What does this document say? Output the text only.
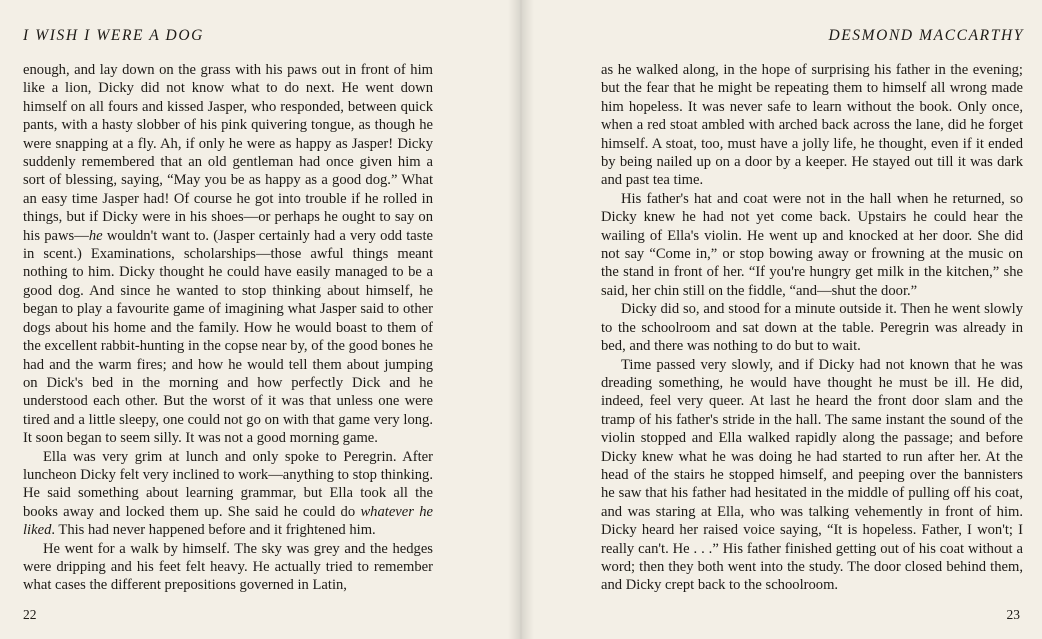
I WISH I WERE A DOG

enough, and lay down on the grass with his paws out in front of him like a lion, Dicky did not know what to do next. He went down himself on all fours and kissed Jasper, who responded, between quick pants, with a hasty slobber of his pink quivering tongue, as though he were snapping at a fly. Ah, if only he were as happy as Jasper! Dicky suddenly remembered that an old gentleman had once given him a sort of blessing, saying, “May you be as happy as a good dog.” What an easy time Jasper had! Of course he got into trouble if he rolled in things, but if Dicky were in his shoes—or perhaps he ought to say on his paws—he wouldn't want to. (Jasper certainly had a very odd taste in scent.) Examinations, scholarships—those awful things meant nothing to him. Dicky thought he could have easily managed to be a good dog. And since he wanted to stop thinking about himself, he began to play a favourite game of imagining what Jasper said to other dogs about his home and the family. How he would boast to them of the excellent rabbit-hunting in the copse near by, of the good bones he had and the warm fires; and how he would tell them about jumping on Dick's bed in the morning and how perfectly Dick and he understood each other. But the worst of it was that unless one were tired and a little sleepy, one could not go on with that game very long. It soon began to seem silly. It was not a good morning game.

Ella was very grim at lunch and only spoke to Peregrin. After luncheon Dicky felt very inclined to work—anything to stop thinking. He said something about learning grammar, but Ella took all the books away and locked them up. She said he could do whatever he liked. This had never happened before and it frightened him.

He went for a walk by himself. The sky was grey and the hedges were dripping and his feet felt heavy. He actually tried to remember what cases the different prepositions governed in Latin,

22
DESMOND MACCARTHY

as he walked along, in the hope of surprising his father in the evening; but the fear that he might be repeating them to himself all wrong made him hopeless. It was never safe to learn without the book. Only once, when a red stoat ambled with arched back across the lane, did he forget himself. A stoat, too, must have a jolly life, he thought, even if it ended by being nailed up on a door by a keeper. He stayed out till it was dark and past tea time.

His father's hat and coat were not in the hall when he returned, so Dicky knew he had not yet come back. Upstairs he could hear the wailing of Ella's violin. He went up and knocked at her door. She did not say “Come in,” or stop bowing away or frowning at the music on the stand in front of her. “If you're hungry get milk in the kitchen,” she said, her chin still on the fiddle, “and—shut the door.”

Dicky did so, and stood for a minute outside it. Then he went slowly to the schoolroom and sat down at the table. Peregrin was already in bed, and there was nothing to do but to wait.

Time passed very slowly, and if Dicky had not known that he was dreading something, he would have thought he must be ill. He did, indeed, feel very queer. At last he heard the front door slam and the tramp of his father's stride in the hall. The same instant the sound of the violin stopped and Ella walked rapidly along the passage; and before Dicky knew what he was doing he had started to run after her. At the head of the stairs he stopped himself, and peeping over the bannisters he saw that his father had hesitated in the middle of pulling off his coat, and was staring at Ella, who was talking vehemently in front of him. Dicky heard her raised voice saying, “It is hopeless. Father, I won't; I really can't. He . . .” His father finished getting out of his coat without a word; then they both went into the study. The door closed behind them, and Dicky crept back to the schoolroom.

23
